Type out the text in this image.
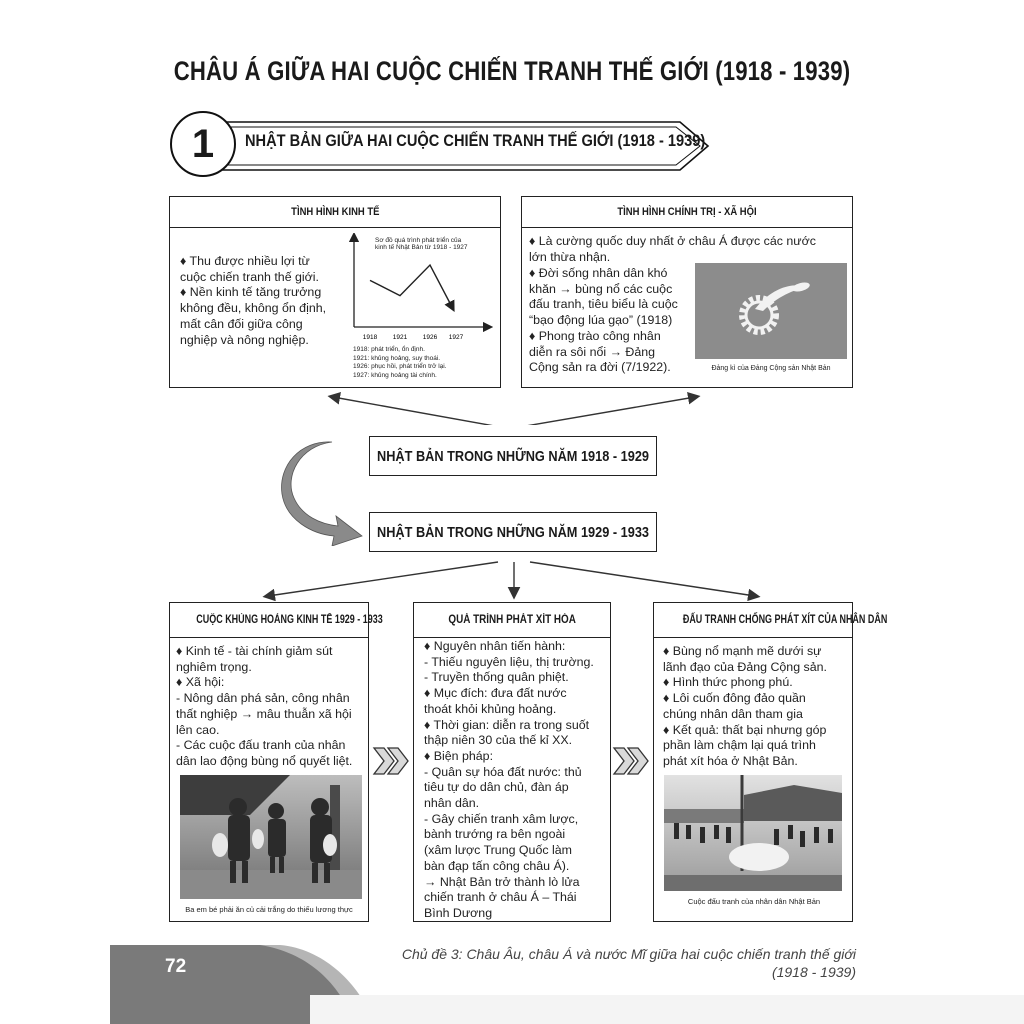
CHÂU Á GIỮA HAI CUỘC CHIẾN TRANH THẾ GIỚI (1918 - 1939)
1	NHẬT BẢN GIỮA HAI CUỘC CHIẾN TRANH THẾ GIỚI (1918 - 1939)
TÌNH HÌNH KINH TẾ

♦ Thu được nhiều lợi từ

cuộc chiến tranh thế giới.

♦ Nền kinh tế tăng trưởng

không đều, không ổn định,

mất cân đối giữa công

nghiệp và nông nghiệp.

Sơ đồ quá trình phát triển của
kinh tế Nhật Bản từ 1918 - 1927
1918 1921 1926 1927
1918: phát triển, ổn định.
1921: khủng hoảng, suy thoái.
1926: phục hồi, phát triển trở lại.
1927: khủng hoảng tài chính.
TÌNH HÌNH CHÍNH TRỊ - XÃ HỘI

♦ Là cường quốc duy nhất ở châu Á được các nước

lớn thừa nhận.

♦ Đời sống nhân dân khó

khăn → bùng nổ các cuộc

đấu tranh, tiêu biểu là cuộc

“bạo động lúa gạo” (1918)

♦ Phong trào công nhân

diễn ra sôi nổi → Đảng

Cộng sản ra đời (7/1922).	Đảng kì của Đảng Cộng sản Nhật Bản
NHẬT BẢN TRONG NHỮNG NĂM 1918 - 1929
NHẬT BẢN TRONG NHỮNG NĂM 1929 - 1933
CUỘC KHỦNG HOẢNG KINH TẾ 1929 - 1933

♦ Kinh tế - tài chính giảm sút

nghiêm trọng.

♦ Xã hội:

- Nông dân phá sản, công nhân

thất nghiệp → mâu thuẫn xã hội

lên cao.

- Các cuộc đấu tranh của nhân

dân lao động bùng nổ quyết liệt.

Ba em bé phải ăn củ cải trắng do thiếu lương thực
QUÁ TRÌNH PHÁT XÍT HÓA

♦ Nguyên nhân tiến hành:

- Thiếu nguyên liệu, thị trường.

- Truyền thống quân phiệt.

♦ Mục đích: đưa đất nước

thoát khỏi khủng hoảng.

♦ Thời gian: diễn ra trong suốt

thập niên 30 của thế kỉ XX.

♦ Biện pháp:

- Quân sự hóa đất nước: thủ

tiêu tự do dân chủ, đàn áp

nhân dân.

- Gây chiến tranh xâm lược,

bành trướng ra bên ngoài

(xâm lược Trung Quốc làm

bàn đạp tấn công châu Á).

→ Nhật Bản trở thành lò lửa

chiến tranh ở châu Á – Thái

Bình Dương

ĐẤU TRANH CHỐNG PHÁT XÍT CỦA NHÂN DÂN

♦ Bùng nổ mạnh mẽ dưới sự

lãnh đạo của Đảng Cộng sản.

♦ Hình thức phong phú.

♦ Lôi cuốn đông đảo quần

chúng nhân dân tham gia

♦ Kết quả: thất bại nhưng góp

phần làm chậm lại quá trình

phát xít hóa ở Nhật Bản.

Cuộc đấu tranh của nhân dân Nhật Bản
72
Chủ đề 3: Châu Âu, châu Á và nước Mĩ giữa hai cuộc chiến tranh thế giới
(1918 - 1939)
